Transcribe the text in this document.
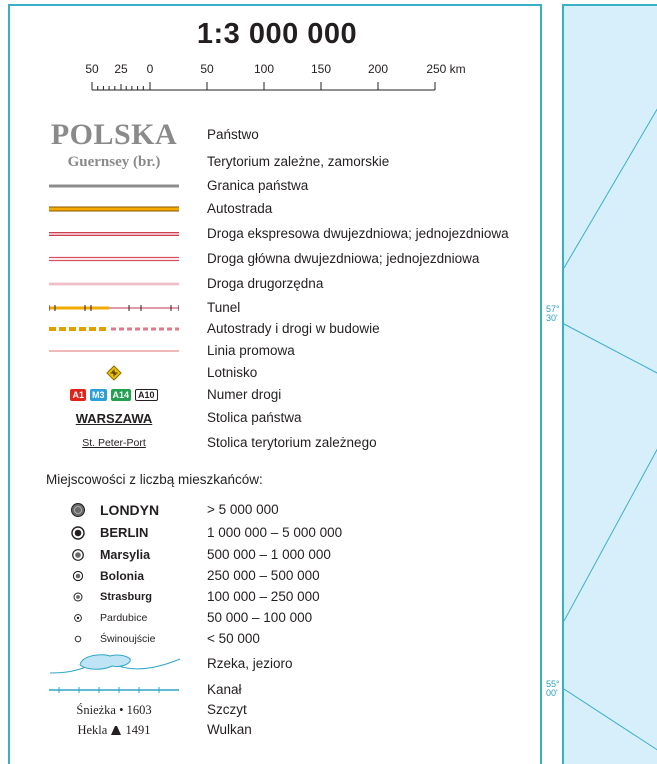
1:3 000 000
50 25 0	50	100	150	200	250 km
POLSKA Państwo
Guernsey (br.)	Terytorium zależne, zamorskie
Granica państwa
Autostrada
Droga ekspresowa dwujezdniowa; jednojezdniowa
Droga główna dwujezdniowa; jednojezdniowa
Droga drugorzędna
Tunel
Autostrady i drogi w budowie
Linia promowa
Lotnisko
A1 M3 A14	A10	Numer drogi
WARSZAWA	Stolica państwa
St. Peter-Port	Stolica terytorium zależnego
Miejscowości z liczbą mieszkańców:
LONDYN	> 5 000 000
BERLIN	1 000 000 – 5 000 000
Marsylia	500 000 – 1 000 000
Bolonia	250 000 – 500 000
Strasburg	100 000 – 250 000
Pardubice	50 000 – 100 000
Świnoujście	< 50 000
Rzeka, jezioro
Kanał
Śnieżka • 1603	Szczyt
Hekla 1491	Wulkan
57°
30'
55°
00'
